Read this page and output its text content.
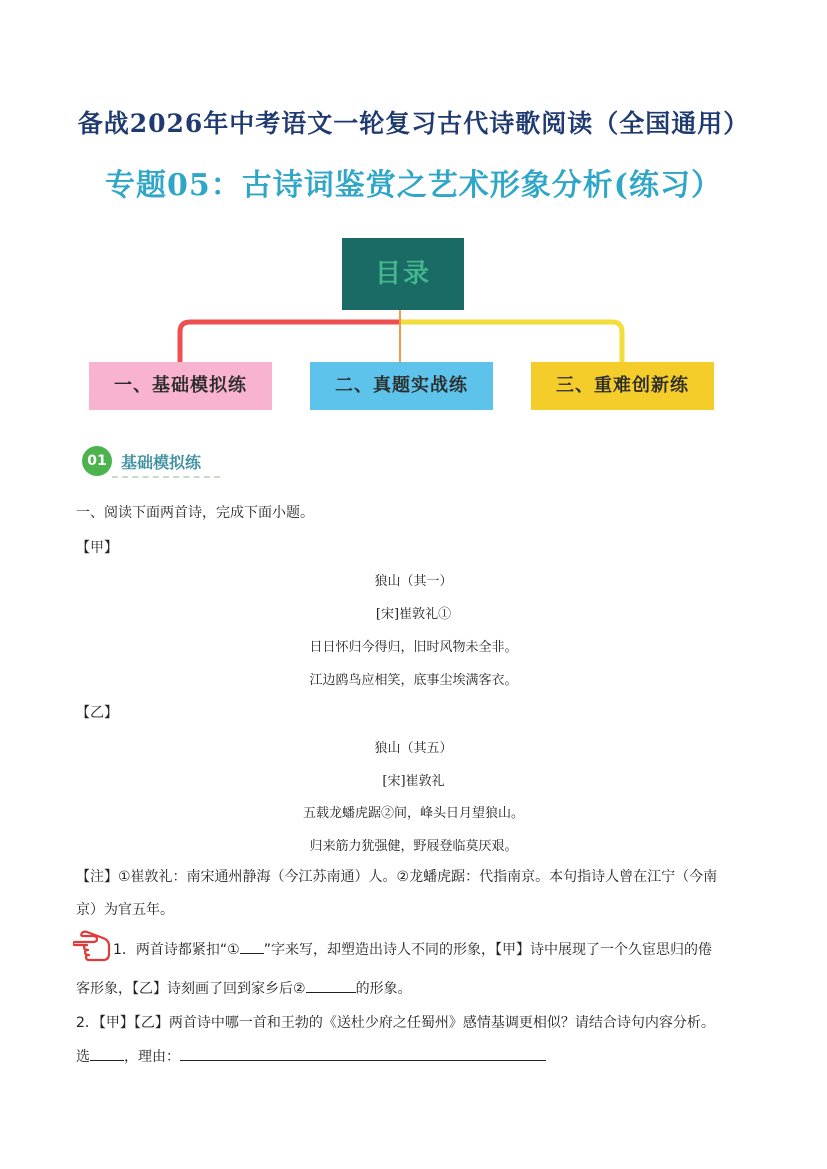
备战2026年中考语文一轮复习古代诗歌阅读（全国通用）
专题05：古诗词鉴赏之艺术形象分析(练习）
目录
一、基础模拟练	二、真题实战练	三、重难创新练
01 基础模拟练
一、阅读下面两首诗，完成下面小题。
【甲】
狼山（其一）
[宋]崔敦礼①
日日怀归今得归，旧时风物未全非。
江边鸥鸟应相笑，底事尘埃满客衣。
【乙】
狼山（其五）
[宋]崔敦礼
五载龙蟠虎踞②间，峰头日月望狼山。
归来筋力犹强健，野屐登临莫厌艰。
【注】①崔敦礼：南宋通州静海（今江苏南通）人。②龙蟠虎踞：代指南京。本句指诗人曾在江宁（今南
京）为官五年。
1．两首诗都紧扣“① ”字来写，却塑造出诗人不同的形象，【甲】诗中展现了一个久宦思归的倦
客形象，【乙】诗刻画了回到家乡后②	的形象。
2．【甲】【乙】两首诗中哪一首和王勃的《送杜少府之任蜀州》感情基调更相似？请结合诗句内容分析。
选 ，理由：
